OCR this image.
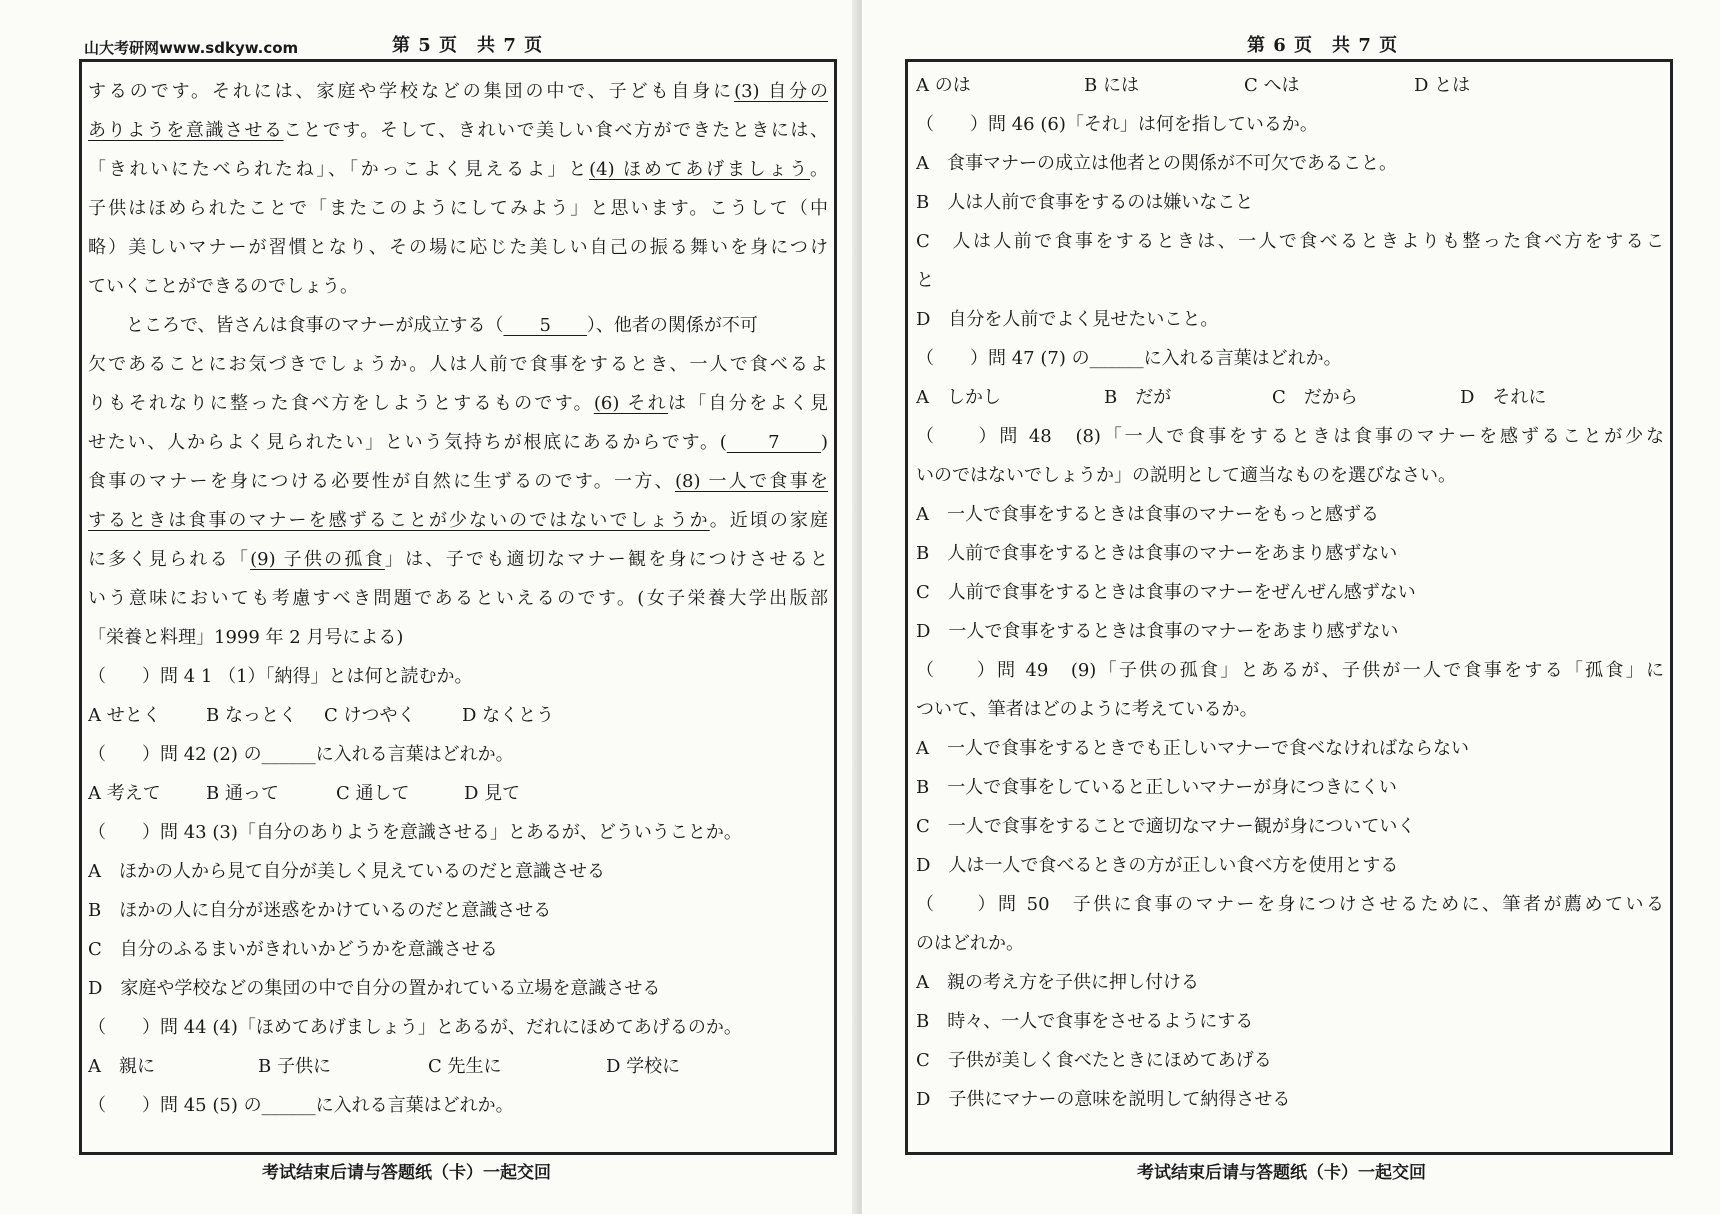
山大考研网www.sdkyw.com	第 5 页　共 7 页
するのです。それには、家庭や学校などの集団の中で、子ども自身に(3) 自分の
ありようを意識させることです。そして、きれいで美しい食べ方ができたときには、
「きれいにたべられたね」、「かっこよく見えるよ」と(4) ほめてあげましょう。
子供はほめられたことで「またこのようにしてみよう」と思います。こうして（中
略）美しいマナーが習慣となり、その場に応じた美しい自己の振る舞いを身につけ
ていくことができるのでしょう。
ところで、皆さんは食事のマナーが成立する（　　5　　）、他者の関係が不可
欠であることにお気づきでしょうか。人は人前で食事をするとき、一人で食べるよ
りもそれなりに整った食べ方をしようとするものです。(6) それは「自分をよく見
せたい、人からよく見られたい」という気持ちが根底にあるからです。(　　7　　)
食事のマナーを身につける必要性が自然に生ずるのです。一方、(8) 一人で食事を
するときは食事のマナーを感ずることが少ないのではないでしょうか。近頃の家庭
に多く見られる「(9) 子供の孤食」は、子でも適切なマナー観を身につけさせると
いう意味においても考慮すべき問題であるといえるのです。(女子栄養大学出版部
「栄養と料理」1999 年 2 月号による)
（　　）問 4 1 （1）「納得」とは何と読むか。
A せとく	B なっとく	C けつやく	D なくとう
（　　）問 42 (2) の______に入れる言葉はどれか。
A 考えて	B 通って	C 通して	D 見て
（　　）問 43 (3)「自分のありようを意識させる」とあるが、どういうことか。
A　ほかの人から見て自分が美しく見えているのだと意識させる
B　ほかの人に自分が迷惑をかけているのだと意識させる
C　自分のふるまいがきれいかどうかを意識させる
D　家庭や学校などの集団の中で自分の置かれている立場を意識させる
（　　）問 44 (4)「ほめてあげましょう」とあるが、だれにほめてあげるのか。
A　親に	B 子供に	C 先生に	D 学校に
（　　）問 45 (5) の______に入れる言葉はどれか。
考试结束后请与答题纸（卡）一起交回
第 6 页　共 7 页
A のは	B には	C へは	D とは
（　　）問 46 (6)「それ」は何を指しているか。
A　食事マナーの成立は他者との関係が不可欠であること。
B　人は人前で食事をするのは嫌いなこと
C　人は人前で食事をするときは、一人で食べるときよりも整った食べ方をするこ
と
D　自分を人前でよく見せたいこと。
（　　）問 47 (7) の______に入れる言葉はどれか。
A　しかし	B　だが	C　だから	D　それに
（　　）問 48　(8)「一人で食事をするときは食事のマナーを感ずることが少な
いのではないでしょうか」の説明として適当なものを選びなさい。
A　一人で食事をするときは食事のマナーをもっと感ずる
B　人前で食事をするときは食事のマナーをあまり感ずない
C　人前で食事をするときは食事のマナーをぜんぜん感ずない
D　一人で食事をするときは食事のマナーをあまり感ずない
（　　）問 49　(9)「子供の孤食」とあるが、子供が一人で食事をする「孤食」に
ついて、筆者はどのように考えているか。
A　一人で食事をするときでも正しいマナーで食べなければならない
B　一人で食事をしていると正しいマナーが身につきにくい
C　一人で食事をすることで適切なマナー観が身についていく
D　人は一人で食べるときの方が正しい食べ方を使用とする
（　　）問 50　子供に食事のマナーを身につけさせるために、筆者が薦めている
のはどれか。
A　親の考え方を子供に押し付ける
B　時々、一人で食事をさせるようにする
C　子供が美しく食べたときにほめてあげる
D　子供にマナーの意味を説明して納得させる
考试结束后请与答题纸（卡）一起交回
